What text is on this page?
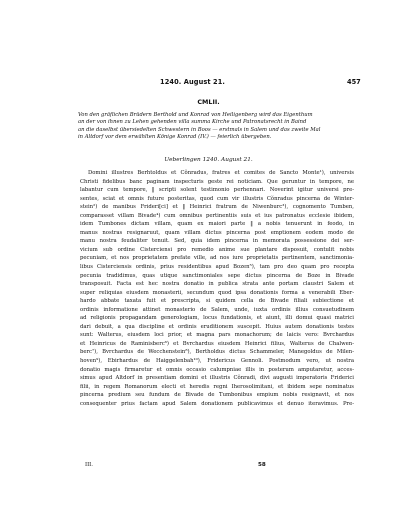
1240. August 21.	457
CMLII.
Von den gräflichen Brüdern Berthold und Konrad von Heiligenberg wird das Eigenthum
an der von ihnen zu Lehen gehenden villa summa Kirche und Patronatsrecht in Baind
an die daselbst übersiedelten Schwestern in Boos — erstmals in Salem und das zweite Mal
in Altdorf vor dem erwählten Könige Konrad (IV.) — feierlich übergeben.
Ueberlingen 1240. August 21.
Domini illustres Berhtoldus et Cŏnradus, fratres et comites de Sancto Monte¹), universis
Christi fidelibus banc paginam inspecturis geste rei noticiam. Que geruntur in tempore, ne
labantur cum tempore, ‖ scripti solent testimonio perhennari. Noverint igitur universi pre-
sentes, sciat et omnis future posteritas, quod cum vir illustris Cŏnradus pincerna de Winter-
stein²) de manibus Frideri[ci] et ‖ Heinrici fratrum de Niwenburc³), cognomento Tumben,
comparasset villam Bivade⁴) cum omnibus pertinentiis suis et ius patronatus ecclesie ibidem,
idem Tumbones dictam villam, quam ex maiori parte ‖ a nobis tenuerunt in feodo, in
manus nostras resignaruut, quam villam dictus pincerna post emptionem eodem modo de
manu nostra feudaliter tenuit. Sed, quia idem pincerna in memorata possessione dei ser-
vicium sub ordine Cisterciensi pro remedio anime sue plantare disposuit, contulit nobis
pecuniam, et nos proprietatem prefate ville, ad nos iure proprietatis pertinentem, sanctimonia-
libus Cisterciensis ordinis, prius residentibus apud Bozen⁵), tam pro deo quam pro recepta
pecunia tradidimus, quas utique sanctimoniales sepe dictus pincerna de Boze in Bivade
transposuit. Facta est hec nostra donatio in publica strata ante portam claustri Salem et
super reliquias eiusdem monasterii, secundum quod ipsa donationis forma a venerabili Eber-
hardo abbate taxata fuit et prescripta, si quidem cella de Bivade filiali subiectione et
ordinis informatione attinet monasterio de Salem, unde, iuxta ordinis illius consuetudinem
ad religionis propagandam generologiam, locus fundationis, et aiunt, illi domui quasi matrici
dari debuit, a qua discipline et ordinis eruditionem suscepit. Huius autem donationis testes
sunt: Walterus, eiusdem loci prior, et magna pars monachorum; de laicis vero: Bvrchardus
et Heinricus de Raminisberc⁶) et Bvrchardus eiusdem Heinrici filius, Walterus de Chalwen-
berc⁷), Bvrchardus de Wecchenstein⁸), Bertholdus dictus Schammeler, Manegoldus de Milen-
hoven⁹), Ebirhardus de Haiggelenbah¹⁰), Fridericus Gennoli. Postmodum vero, ut nostra
donatio magis firmaretur et omnis occasio calumpniae illis in posterum amputaretur, acces-
simus apud Altdorf in presentiam domini et illustris Cŏnradi, divi augusti imperatoris Friderici
filii, in regem Romanorum electi et heredis regni Iherosolimitani, et ibidem sepe nominatus
pincerna predium seu fundum de Bivade de Tumbonibus empium nobis resignavit, et nos
consequenter prius factam apud Salem donationem publicavimus et denuo iteravimus. Pre-
III.	58
